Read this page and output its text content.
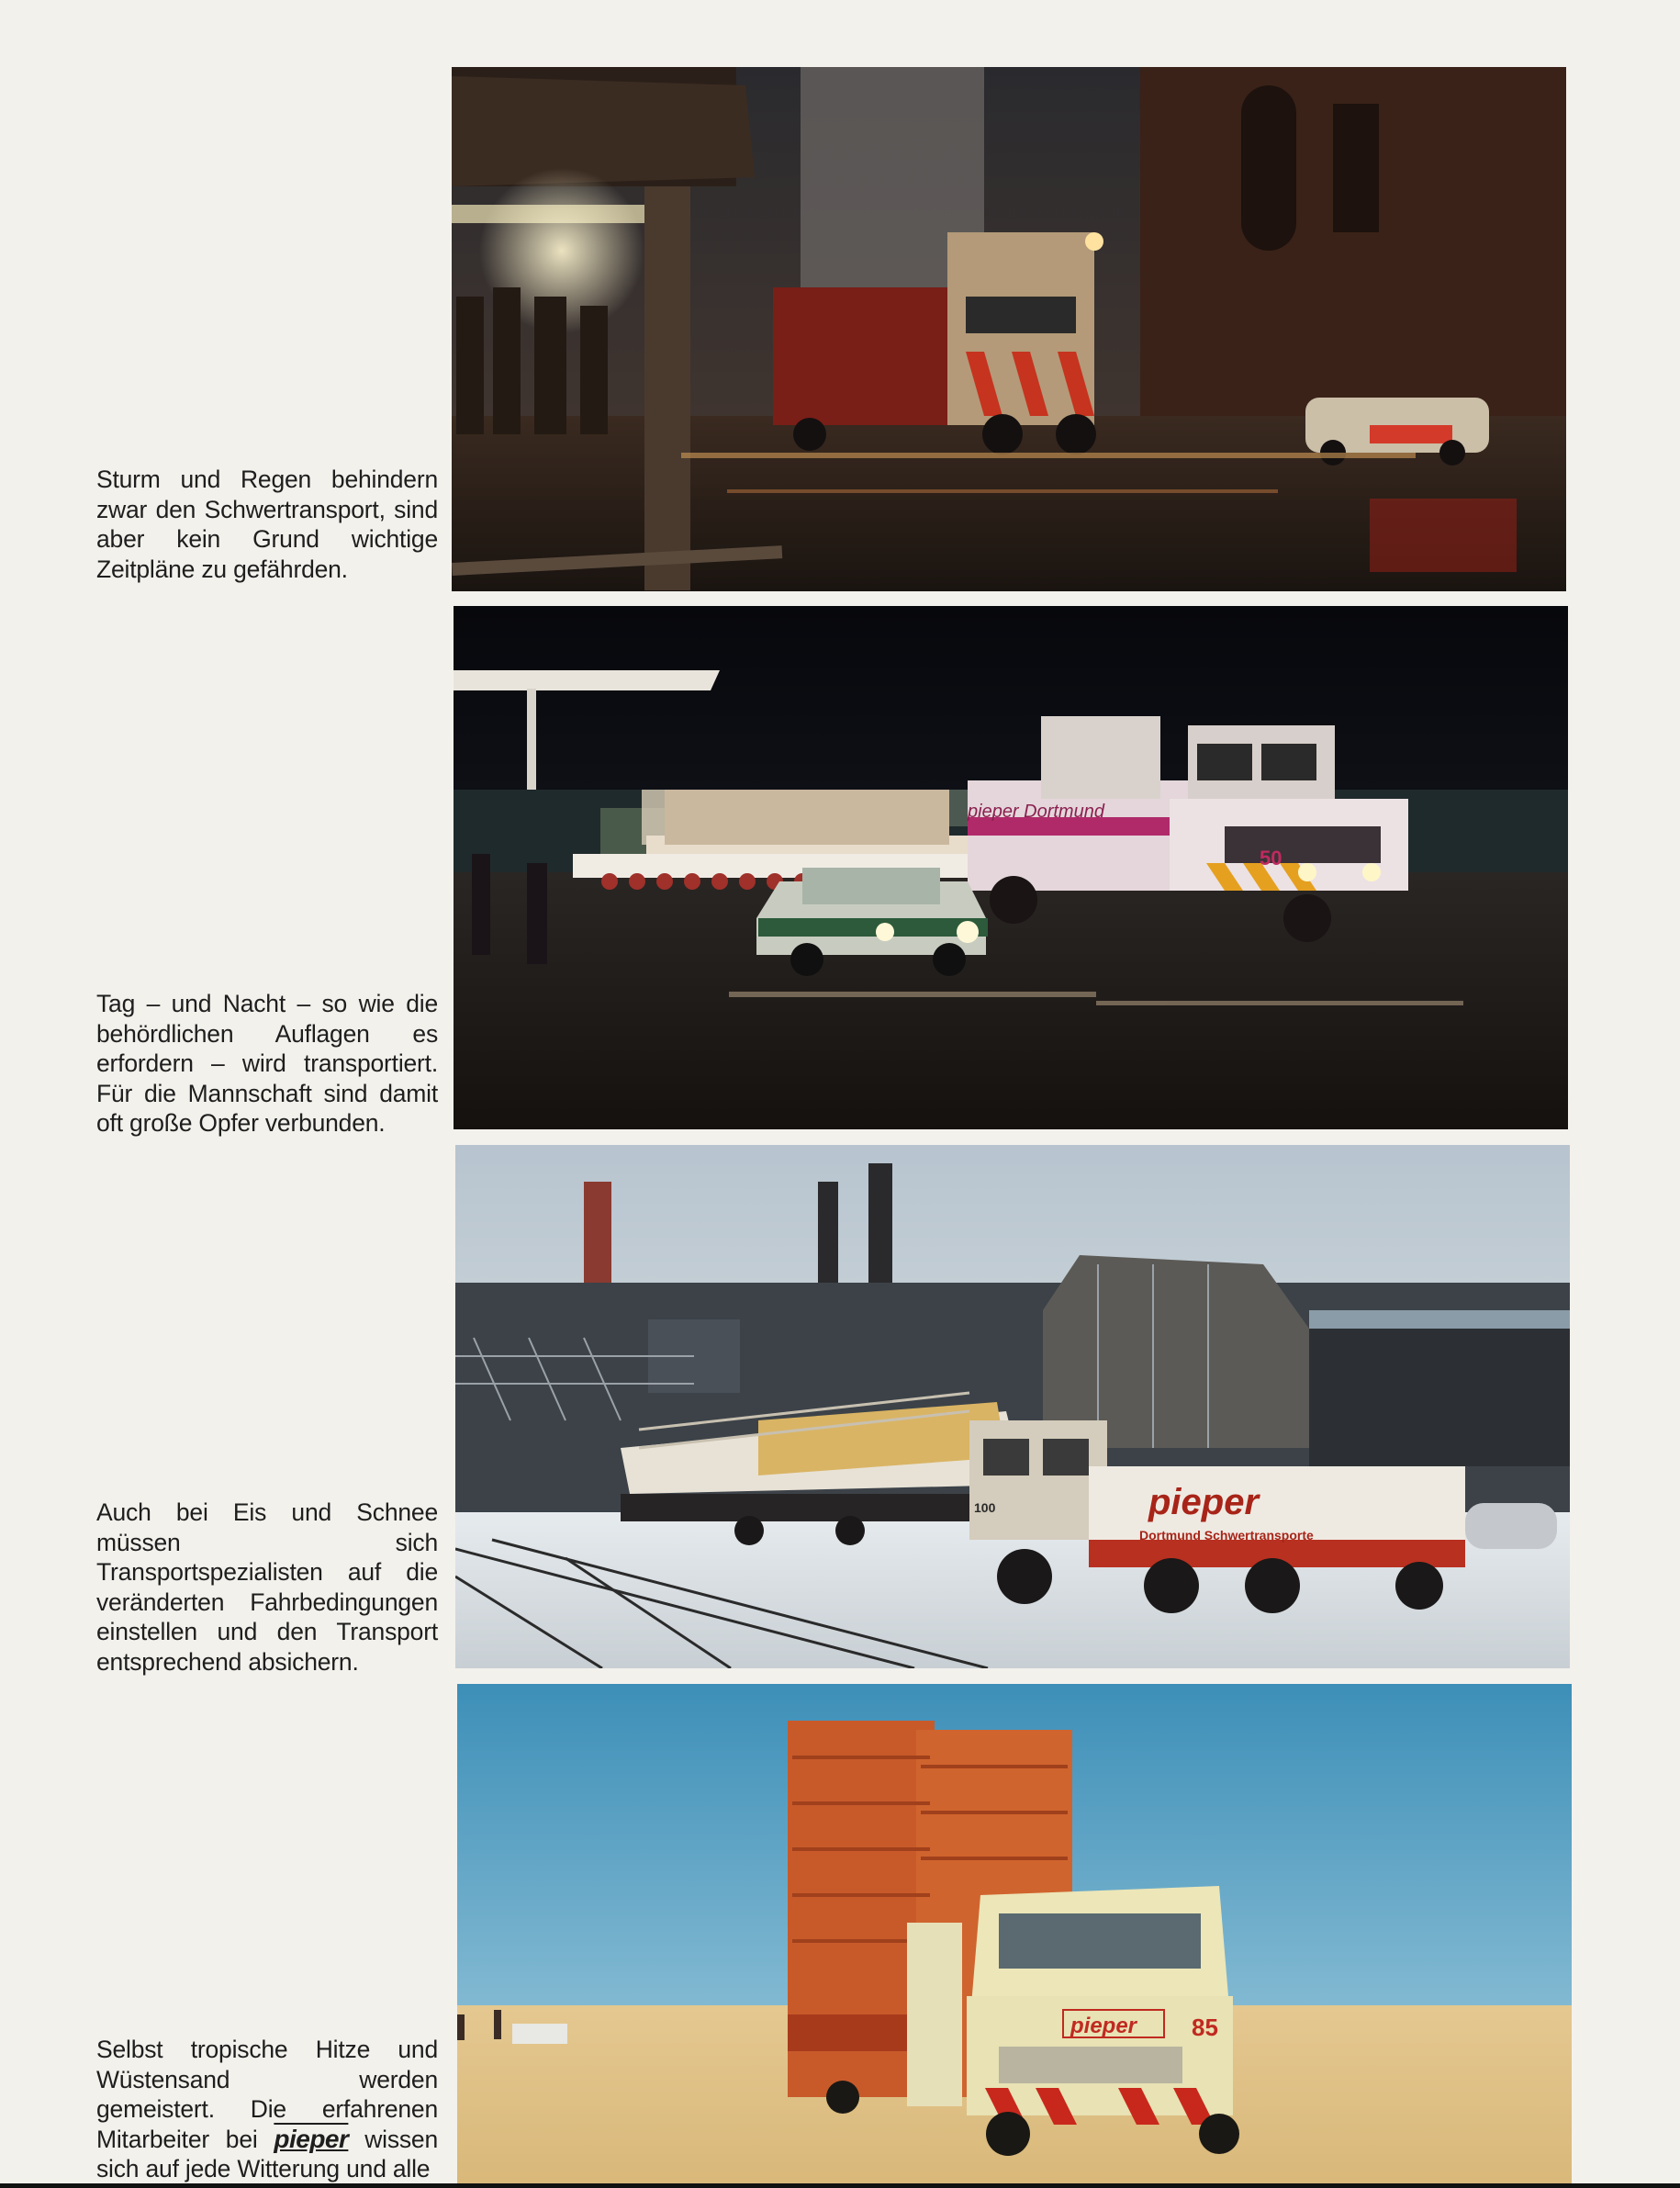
Sturm und Regen behindern zwar den Schwertransport, sind aber kein Grund wichtige Zeitpläne zu gefährden.

Tag – und Nacht – so wie die behördlichen Auflagen es erfordern – wird transportiert. Für die Mannschaft sind damit oft große Opfer verbunden.

pieper Dortmund
50

Auch bei Eis und Schnee müssen sich Transportspezialisten auf die veränderten Fahrbedingungen einstellen und den Transport entsprechend absichern.

pieper
Dortmund Schwertransporte
100

Selbst tropische Hitze und Wüstensand werden gemeistert. Die erfahrenen Mitarbeiter bei pieper wissen sich auf jede Witterung und alle

pieper 85
